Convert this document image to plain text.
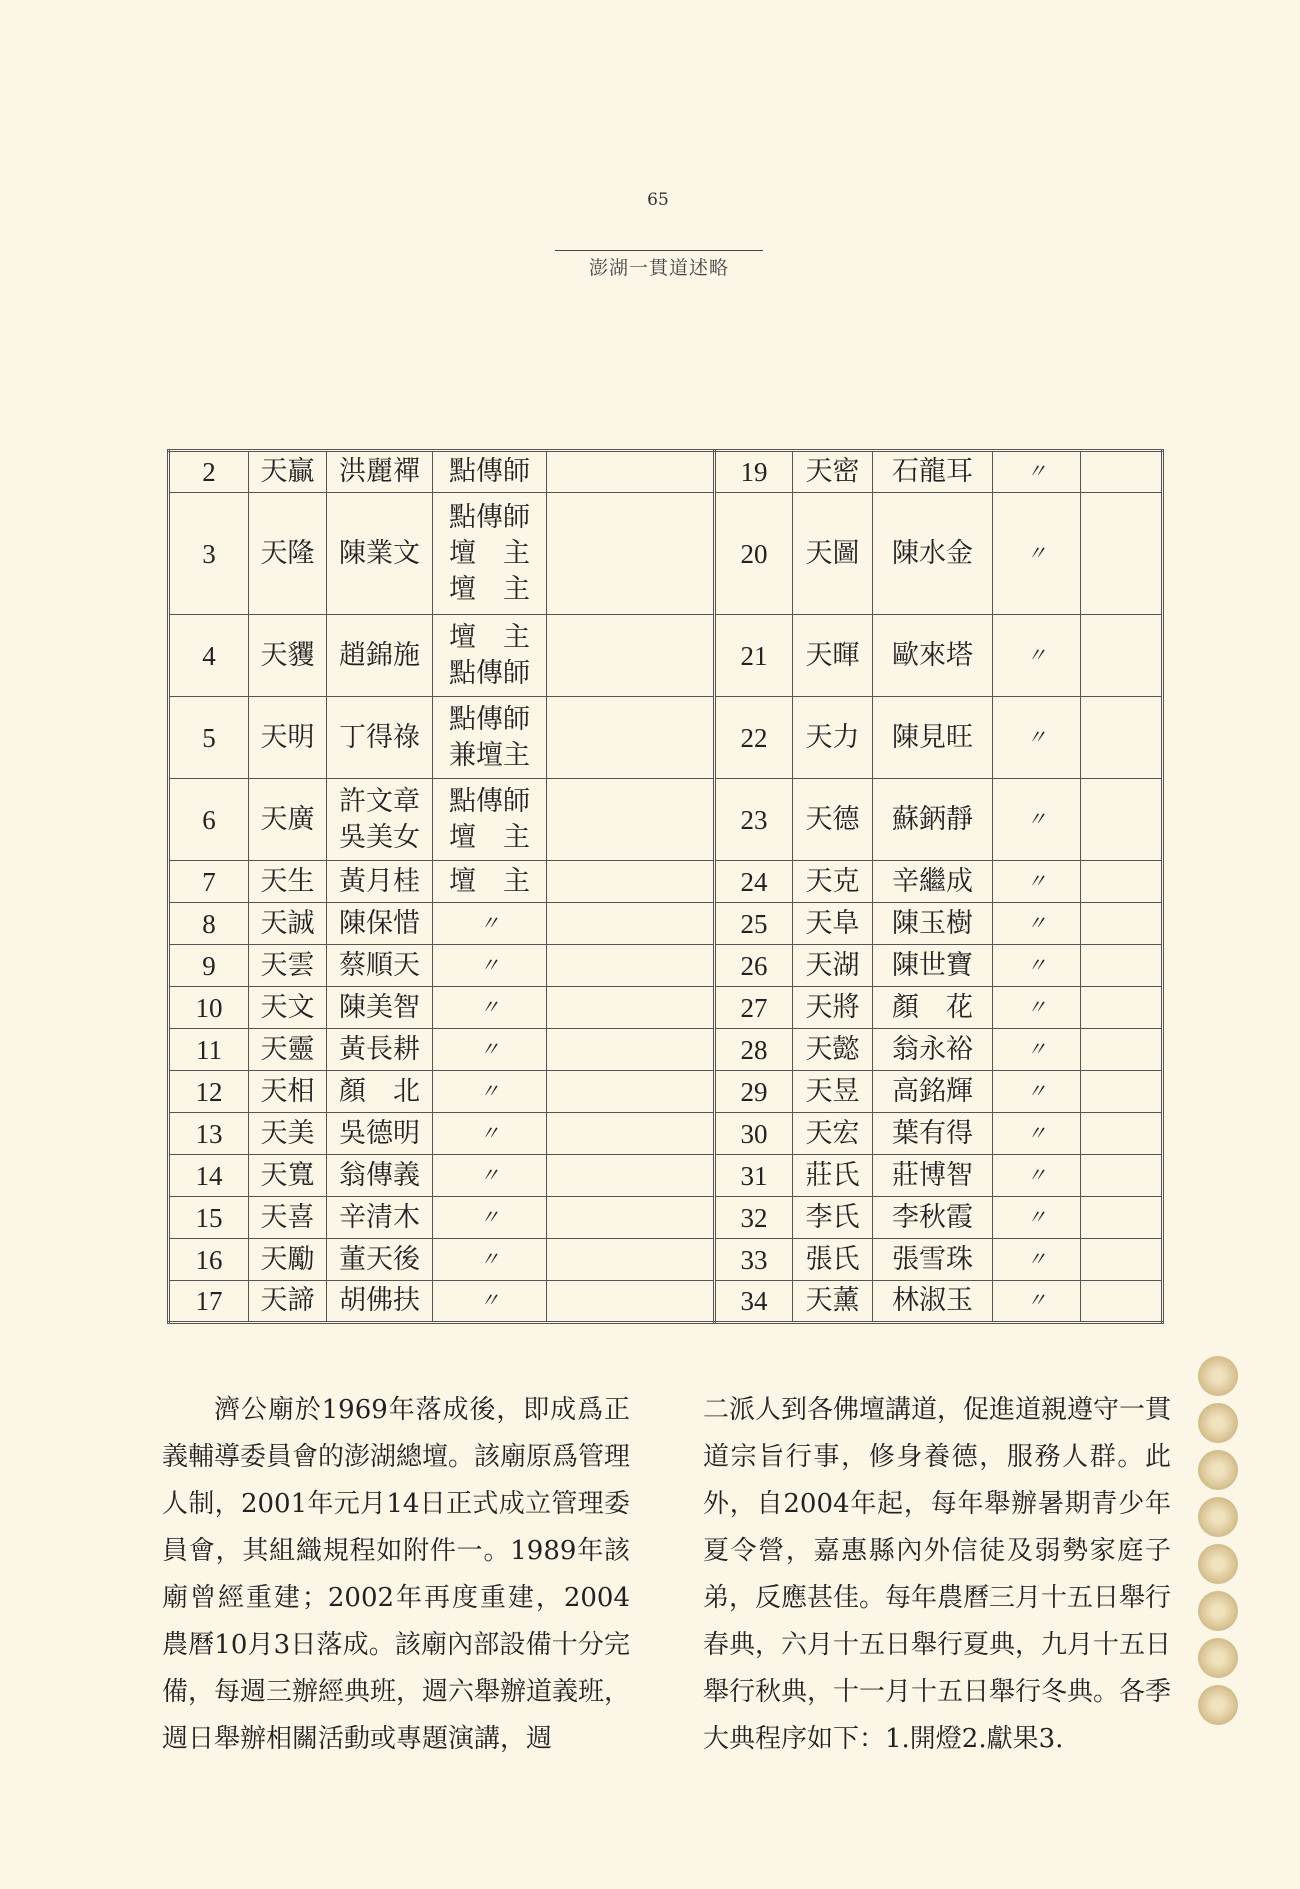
65
澎湖一貫道述略
2	天贏	洪麗禪	點傳師	

3	天隆	陳業文	點傳師
壇　主
壇　主	

4	天貜	趙錦施	壇　主
點傳師	

5	天明	丁得祿	點傳師
兼壇主	

6	天廣	許文章
吳美女	點傳師
壇　主	

7	天生	黃月桂	壇　主	

8	天誠	陳保惜	〃	

9	天雲	蔡順天	〃	

10	天文	陳美智	〃	

11	天靈	黃長耕	〃	

12	天相	顏　北	〃	

13	天美	吳德明	〃	

14	天寬	翁傳義	〃	

15	天喜	辛清木	〃	

16	天勵	董天後	〃	

17	天諦	胡佛扶	〃	

19	天密	石龍耳	〃	
20	天圖	陳水金	〃	
21	天暉	歐來塔	〃	
22	天力	陳見旺	〃	
23	天德	蘇鈵靜	〃	
24	天克	辛繼成	〃	
25	天阜	陳玉樹	〃	
26	天湖	陳世寶	〃	
27	天將	顏　花	〃	
28	天懿	翁永裕	〃	
29	天昱	高銘輝	〃	
30	天宏	葉有得	〃	
31	莊氏	莊博智	〃	
32	李氏	李秋霞	〃	
33	張氏	張雪珠	〃	
34	天薰	林淑玉	〃	

濟公廟於1969年落成後，即成爲正義輔導委員會的澎湖總壇。該廟原爲管理人制，2001年元月14日正式成立管理委員會，其組織規程如附件一。1989年該廟曾經重建；2002年再度重建，2004農曆10月3日落成。該廟內部設備十分完備，每週三辦經典班，週六舉辦道義班，週日舉辦相關活動或專題演講，週

二派人到各佛壇講道，促進道親遵守一貫道宗旨行事，修身養德，服務人群。此外，自2004年起，每年舉辦暑期青少年夏令營，嘉惠縣內外信徒及弱勢家庭子弟，反應甚佳。每年農曆三月十五日舉行春典，六月十五日舉行夏典，九月十五日舉行秋典，十一月十五日舉行冬典。各季大典程序如下：1.開燈2.獻果3.
